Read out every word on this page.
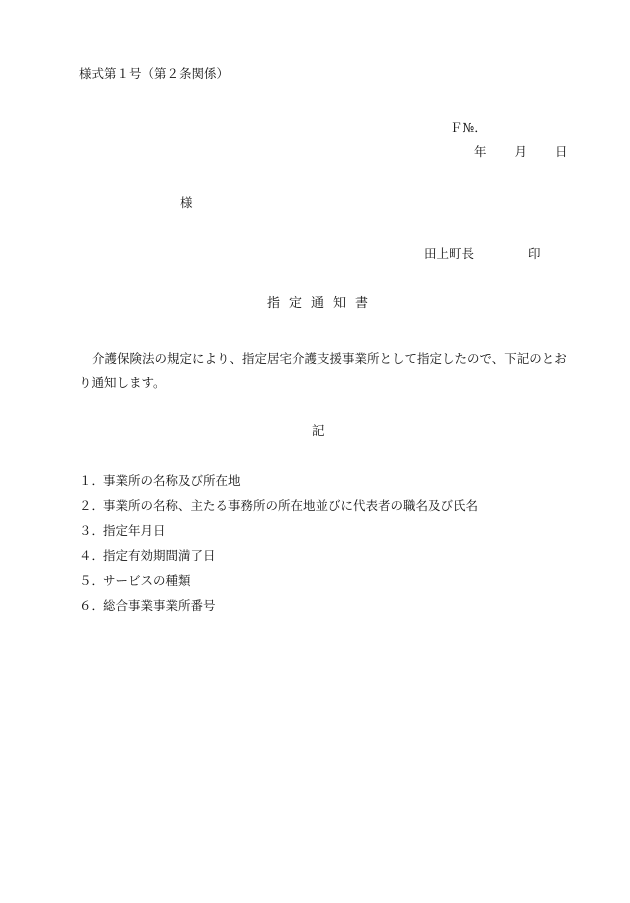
様式第１号（第２条関係）
Ｆ№．
年 月 日
様
田上町長	印
指定通知書
介護保険法の規定により、指定居宅介護支援事業所として指定したので、下記のとおり通知します。
記
１．事業所の名称及び所在地
２．事業所の名称、主たる事務所の所在地並びに代表者の職名及び氏名
３．指定年月日
４．指定有効期間満了日
５．サービスの種類
６．総合事業事業所番号
